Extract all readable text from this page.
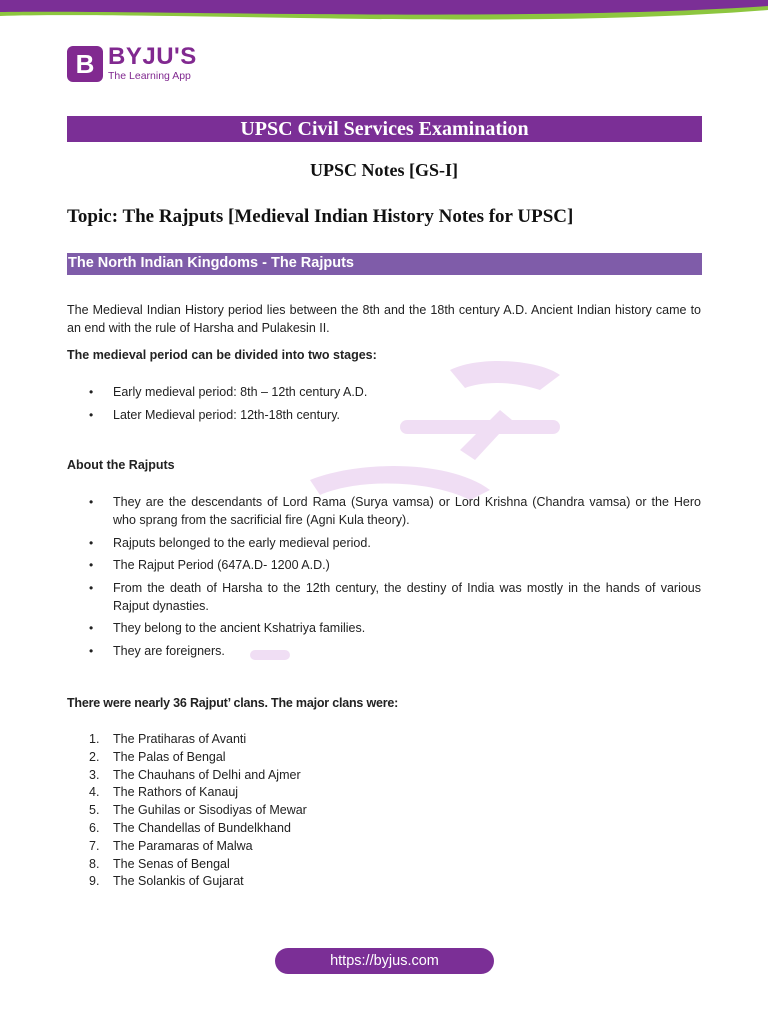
B BYJU'S
The Learning App
UPSC Civil Services Examination
UPSC Notes [GS-I]
Topic: The Rajputs [Medieval Indian History Notes for UPSC]
The North Indian Kingdoms - The Rajputs
The Medieval Indian History period lies between the 8th and the 18th century A.D. Ancient Indian history came to an end with the rule of Harsha and Pulakesin II.
The medieval period can be divided into two stages:
• Early medieval period: 8th – 12th century A.D.
• Later Medieval period: 12th-18th century.
About the Rajputs
• They are the descendants of Lord Rama (Surya vamsa) or Lord Krishna (Chandra vamsa) or the Hero who sprang from the sacrificial fire (Agni Kula theory).
• Rajputs belonged to the early medieval period.
• The Rajput Period (647A.D- 1200 A.D.)
• From the death of Harsha to the 12th century, the destiny of India was mostly in the hands of various Rajput dynasties.
• They belong to the ancient Kshatriya families.
• They are foreigners.
There were nearly 36 Rajput’ clans. The major clans were:
1. The Pratiharas of Avanti
2. The Palas of Bengal
3. The Chauhans of Delhi and Ajmer
4. The Rathors of Kanauj
5. The Guhilas or Sisodiyas of Mewar
6. The Chandellas of Bundelkhand
7. The Paramaras of Malwa
8. The Senas of Bengal
9. The Solankis of Gujarat
https://byjus.com
